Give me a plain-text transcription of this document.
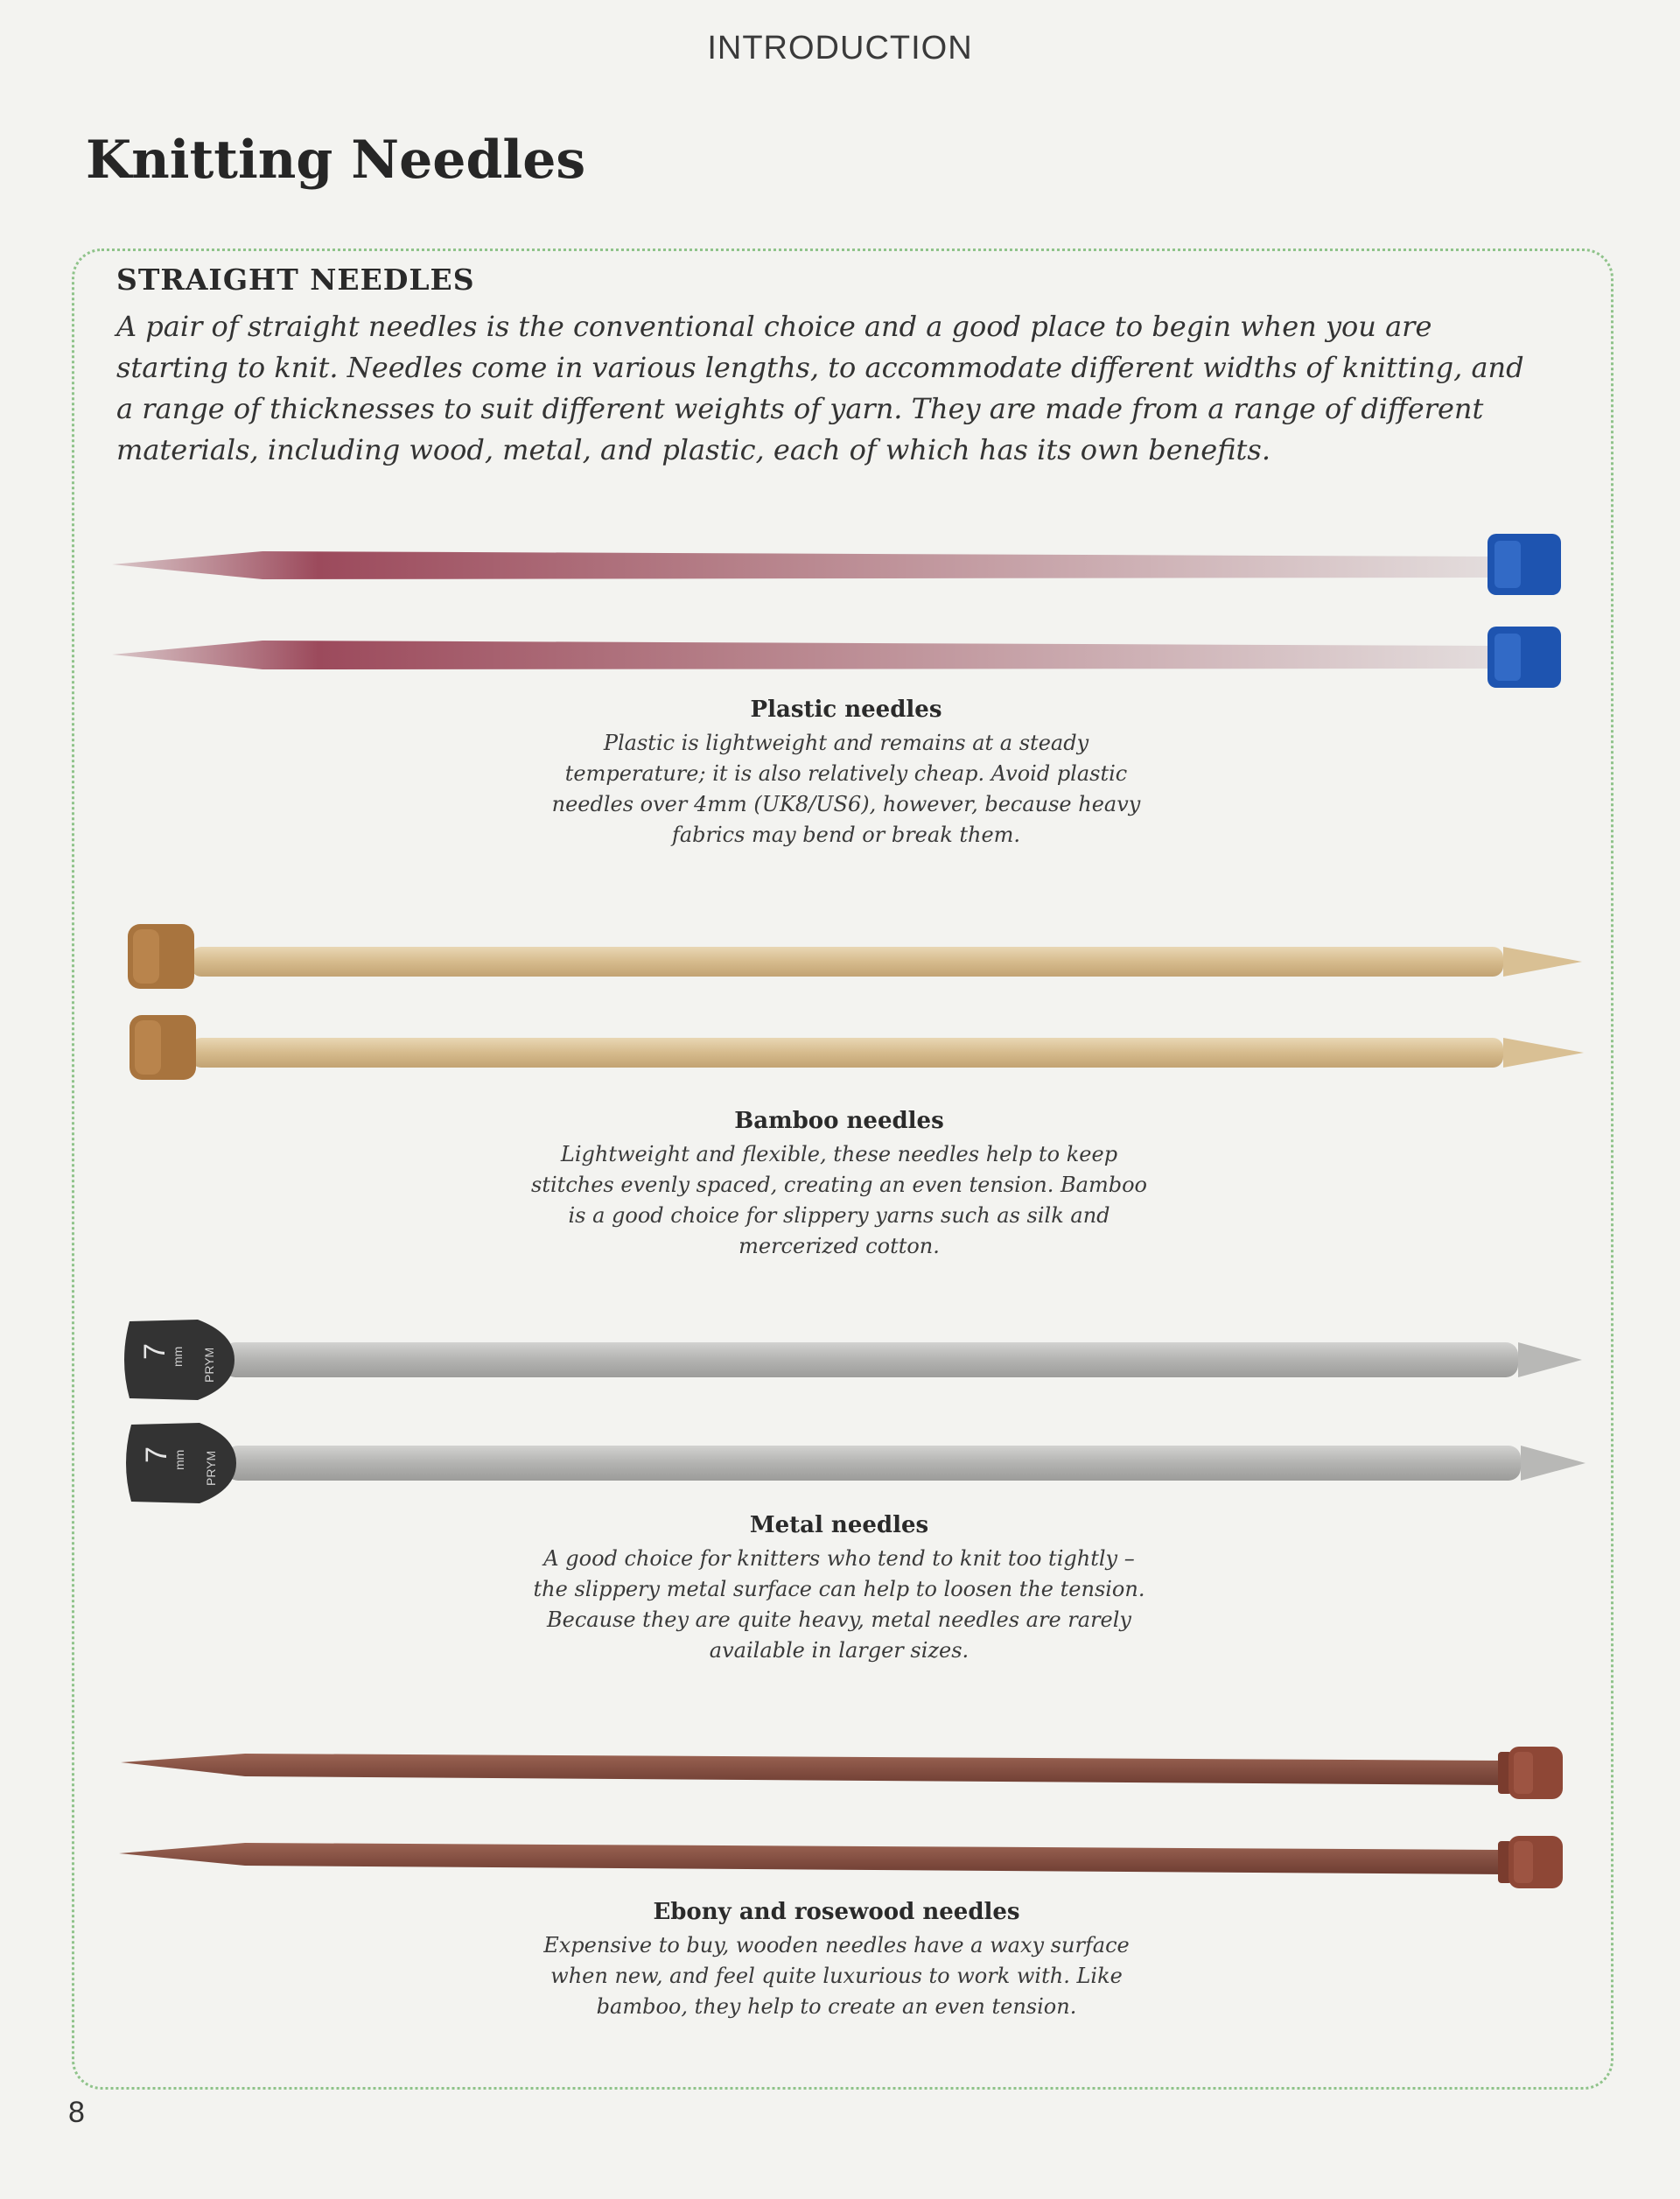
INTRODUCTION
Knitting Needles
STRAIGHT NEEDLES

A pair of straight needles is the conventional choice and a good place to begin when you are starting to knit. Needles come in various lengths, to accommodate different widths of knitting, and a range of thicknesses to suit different weights of yarn. They are made from a range of different materials, including wood, metal, and plastic, each of which has its own benefits.

7 mm PRYM
7 mm PRYM
Plastic needles
Plastic is lightweight and remains at a steady temperature; it is also relatively cheap. Avoid plastic needles over 4mm (UK8/US6), however, because heavy fabrics may bend or break them.
Bamboo needles
Lightweight and flexible, these needles help to keep stitches evenly spaced, creating an even tension. Bamboo is a good choice for slippery yarns such as silk and mercerized cotton.
Metal needles
A good choice for knitters who tend to knit too tightly – the slippery metal surface can help to loosen the tension. Because they are quite heavy, metal needles are rarely available in larger sizes.
Ebony and rosewood needles
Expensive to buy, wooden needles have a waxy surface when new, and feel quite luxurious to work with. Like bamboo, they help to create an even tension.
8
